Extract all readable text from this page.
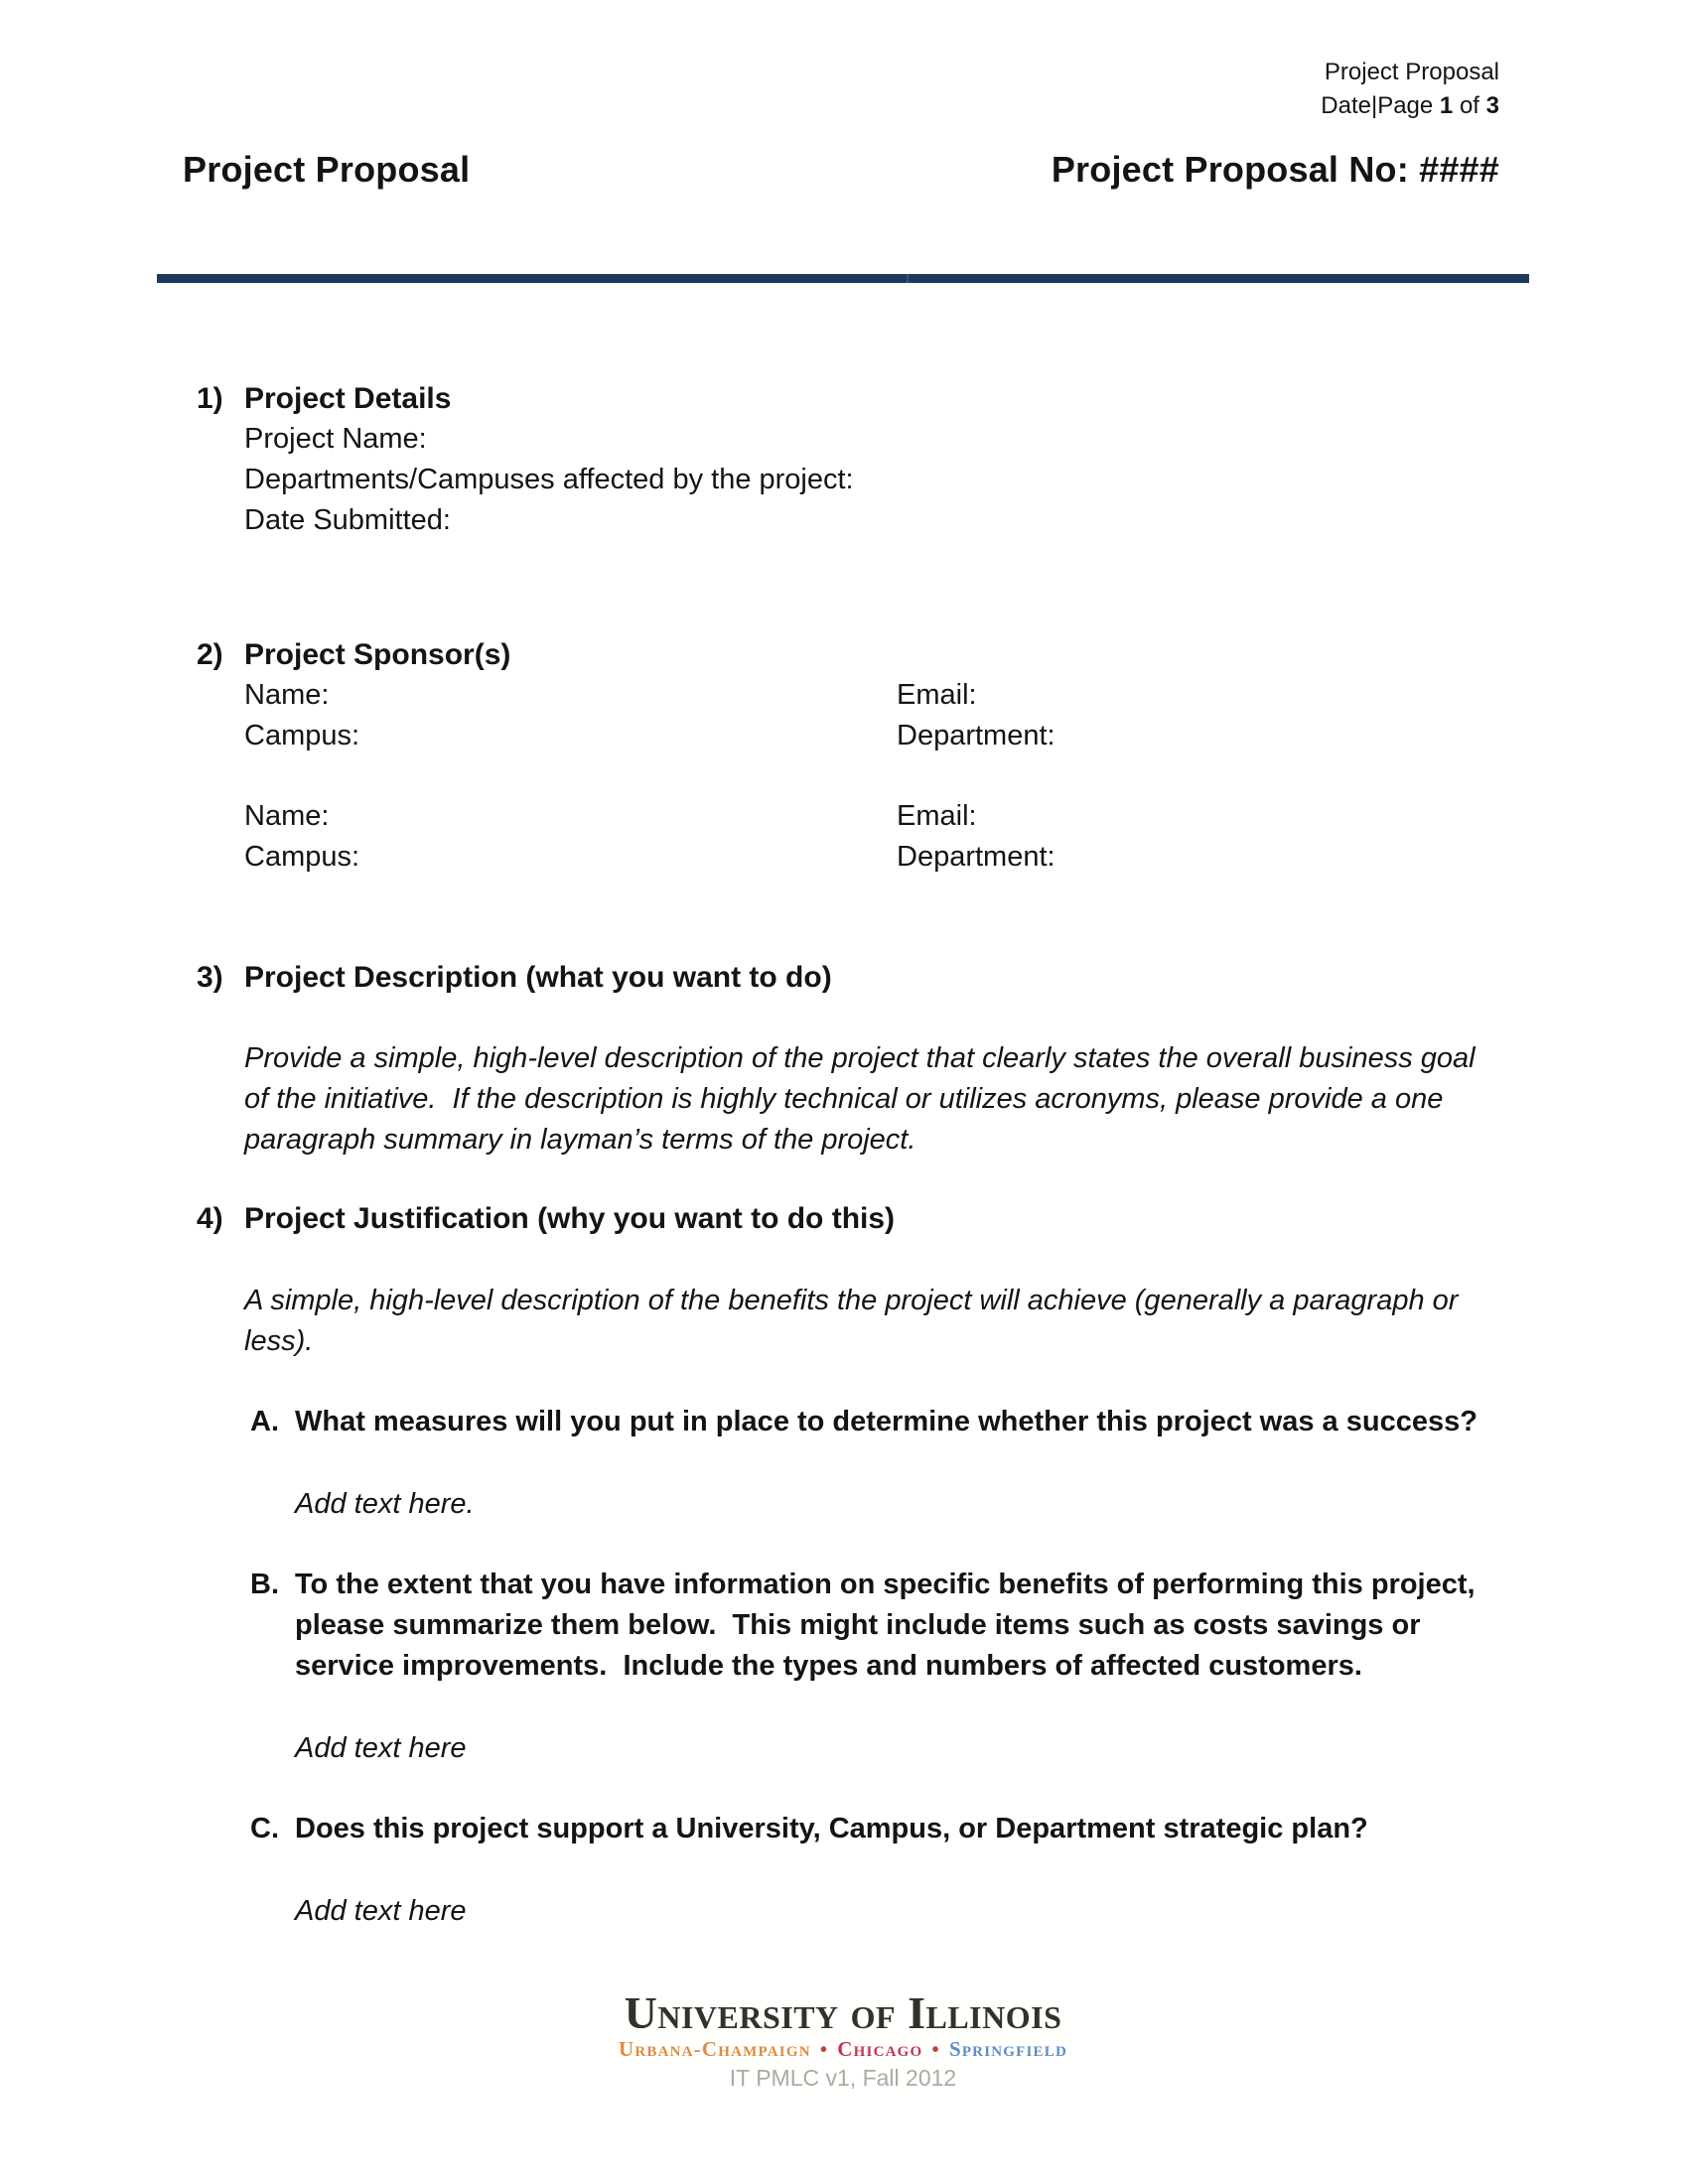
Project Proposal
Date|Page 1 of 3
Project Proposal	Project Proposal No: ####
1) Project Details
Project Name:
Departments/Campuses affected by the project:
Date Submitted:
2) Project Sponsor(s)
Name:	Email:
Campus:	Department:
Name:	Email:
Campus:	Department:
3) Project Description (what you want to do)
Provide a simple, high-level description of the project that clearly states the overall business goal of the initiative.  If the description is highly technical or utilizes acronyms, please provide a one paragraph summary in layman’s terms of the project.
4) Project Justification (why you want to do this)
A simple, high-level description of the benefits the project will achieve (generally a paragraph or less).
A. What measures will you put in place to determine whether this project was a success?
Add text here.
B. To the extent that you have information on specific benefits of performing this project, please summarize them below.  This might include items such as costs savings or service improvements.  Include the types and numbers of affected customers.
Add text here
C. Does this project support a University, Campus, or Department strategic plan?
Add text here
University of Illinois
Urbana-Champaign • Chicago • Springfield
IT PMLC v1, Fall 2012
